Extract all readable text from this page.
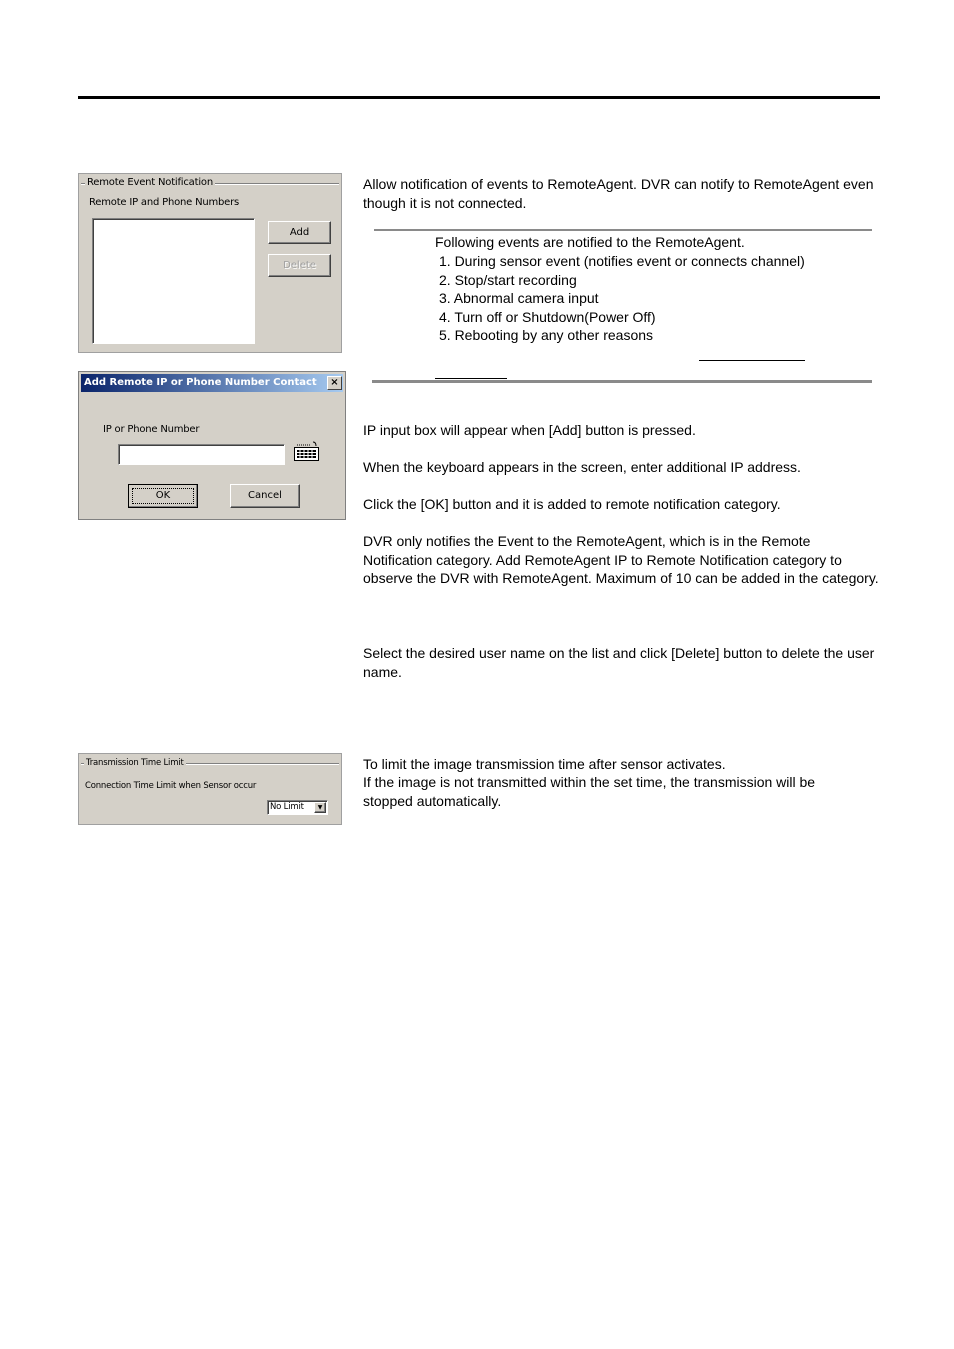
Remote Event Notification
Remote IP and Phone Numbers
Add
Delete
Add Remote IP or Phone Number Contact	×
IP or Phone Number
OK	Cancel
Transmission Time Limit
Connection Time Limit when Sensor occur
No Limit	▼
Allow notification of events to RemoteAgent. DVR can notify to RemoteAgent even though it is not connected.
Following events are notified to the RemoteAgent.
1. During sensor event (notifies event or connects channel)
2. Stop/start recording
3. Abnormal camera input
4. Turn off or Shutdown(Power Off)
5. Rebooting by any other reasons
IP input box will appear when [Add] button is pressed.
When the keyboard appears in the screen, enter additional IP address.
Click the [OK] button and it is added to remote notification category.
DVR only notifies the Event to the RemoteAgent, which is in the Remote Notification category. Add RemoteAgent IP to Remote Notification category to observe the DVR with RemoteAgent. Maximum of 10 can be added in the category.
Select the desired user name on the list and click [Delete] button to delete the user name.
To limit the image transmission time after sensor activates.
If the image is not transmitted within the set time, the transmission will be stopped automatically.
